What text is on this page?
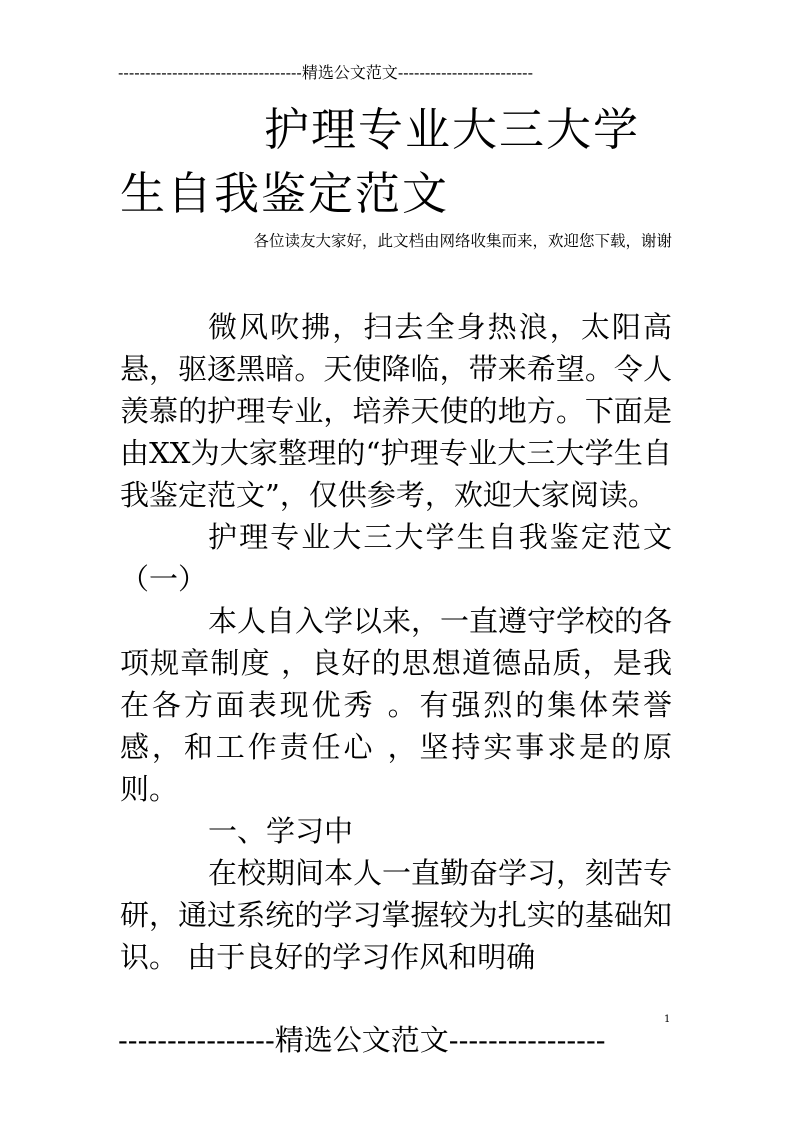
----------------------------------精选公文范文-------------------------
护理专业大三大学
生自我鉴定范文
各位读友大家好，此文档由网络收集而来，欢迎您下载，谢谢

微风吹拂，扫去全身热浪，太阳高悬，驱逐黑暗。天使降临，带来希望。令人羡慕的护理专业，培养天使的地方。下面是由XX为大家整理的“护理专业大三大学生自我鉴定范文”，仅供参考，欢迎大家阅读。

护理专业大三大学生自我鉴定范文（一）

本人自入学以来，一直遵守学校的各项规章制度 ，良好的思想道德品质，是我在各方面表现优秀 。有强烈的集体荣誉感，和工作责任心 ，坚持实事求是的原则。

一、学习中

在校期间本人一直勤奋学习，刻苦专研，通过系统的学习掌握较为扎实的基础知识。 由于良好的学习作风和明确

----------------精选公文范文----------------
1
